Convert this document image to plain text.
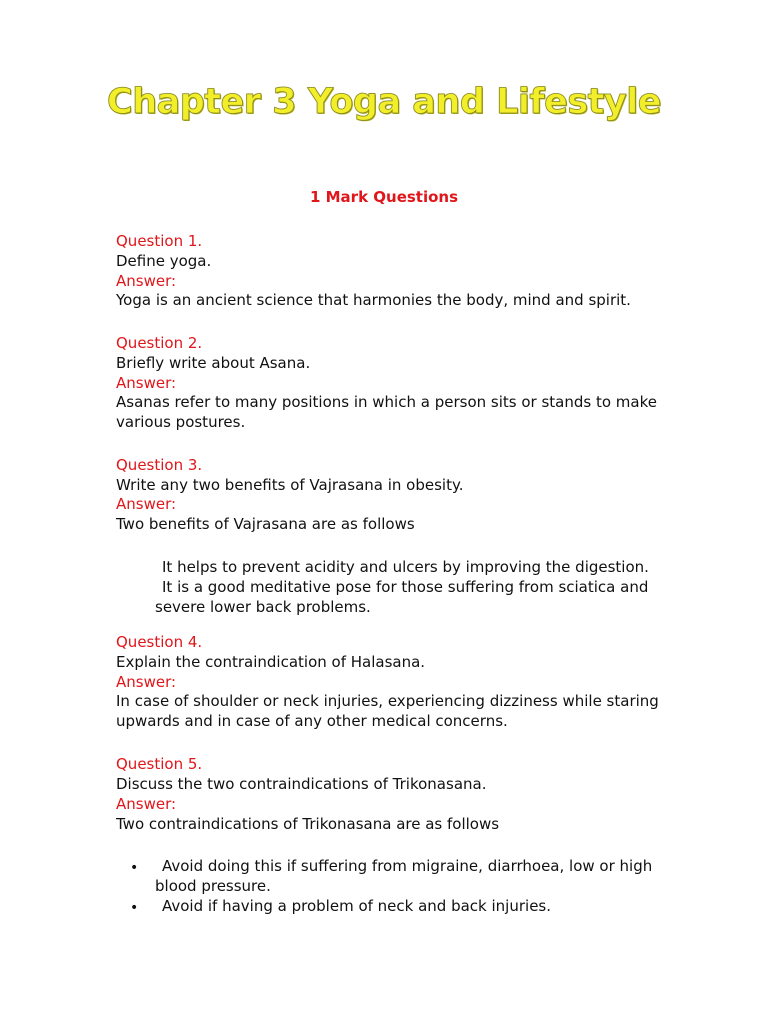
Chapter 3 Yoga and Lifestyle
1 Mark Questions
Question 1.
Define yoga.
Answer:
Yoga is an ancient science that harmonies the body, mind and spirit.
Question 2.
Briefly write about Asana.
Answer:
Asanas refer to many positions in which a person sits or stands to make
various postures.
Question 3.
Write any two benefits of Vajrasana in obesity.
Answer:
Two benefits of Vajrasana are as follows
It helps to prevent acidity and ulcers by improving the digestion.
It is a good meditative pose for those suffering from sciatica and
severe lower back problems.
Question 4.
Explain the contraindication of Halasana.
Answer:
In case of shoulder or neck injuries, experiencing dizziness while staring
upwards and in case of any other medical concerns.
Question 5.
Discuss the two contraindications of Trikonasana.
Answer:
Two contraindications of Trikonasana are as follows
• Avoid doing this if suffering from migraine, diarrhoea, low or high
blood pressure.
• Avoid if having a problem of neck and back injuries.
